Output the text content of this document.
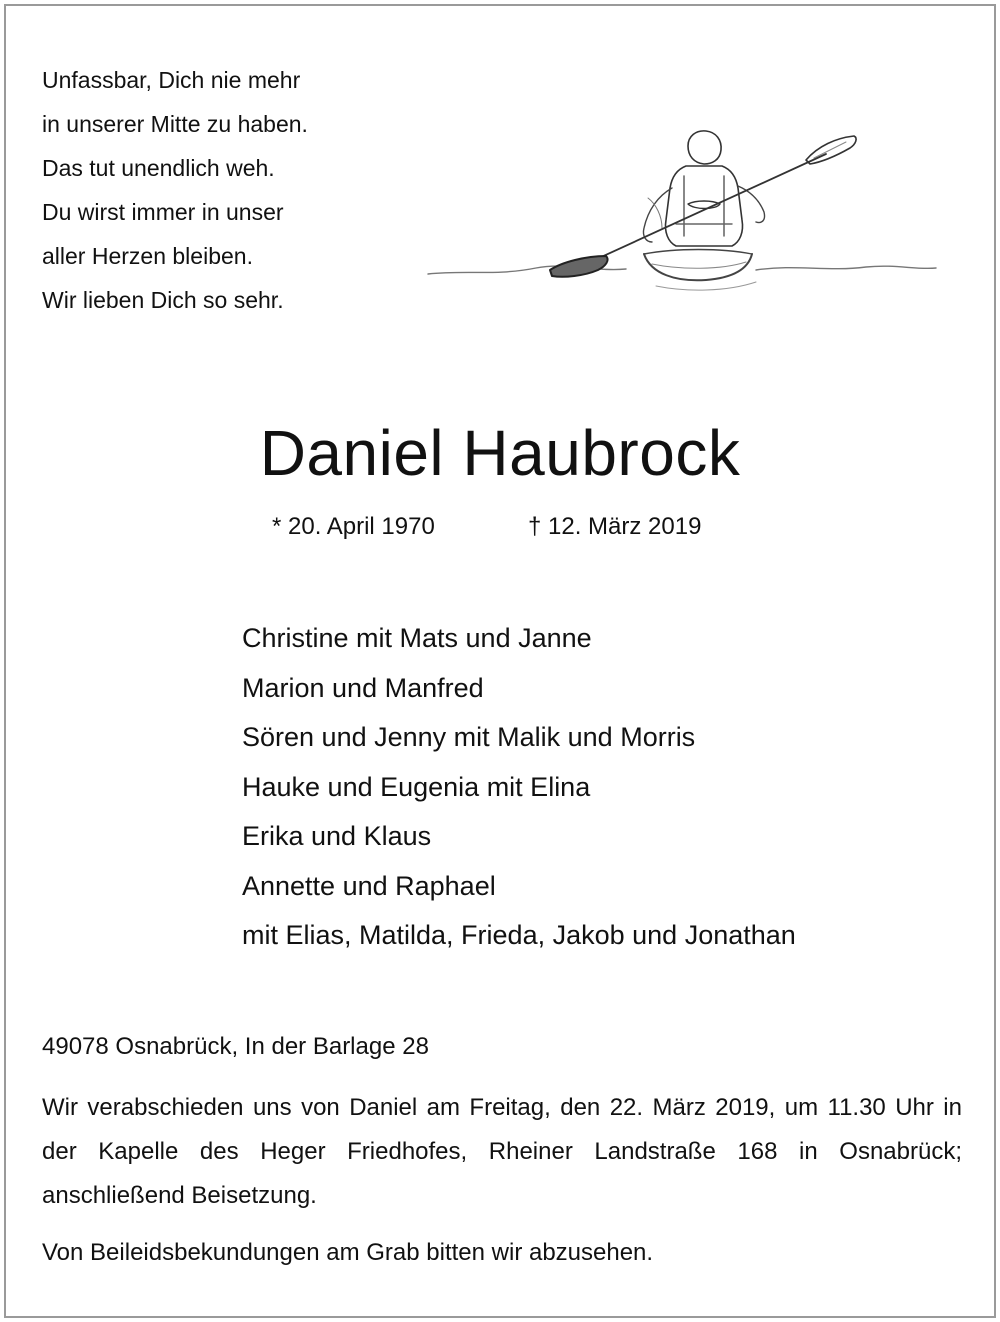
Unfassbar, Dich nie mehr
in unserer Mitte zu haben.
Das tut unendlich weh.
Du wirst immer in unser
aller Herzen bleiben.
Wir lieben Dich so sehr.
Daniel Haubrock
* 20. April 1970	† 12. März 2019
Christine mit Mats und Janne
Marion und Manfred
Sören und Jenny mit Malik und Morris
Hauke und Eugenia mit Elina
Erika und Klaus
Annette und Raphael
mit Elias, Matilda, Frieda, Jakob und Jonathan
49078 Osnabrück, In der Barlage 28
Wir verabschieden uns von Daniel am Freitag, den 22. März 2019, um 11.30 Uhr in der Kapelle des Heger Friedhofes, Rheiner Landstraße 168 in Osnabrück; anschließend Beisetzung.
Von Beileidsbekundungen am Grab bitten wir abzusehen.
